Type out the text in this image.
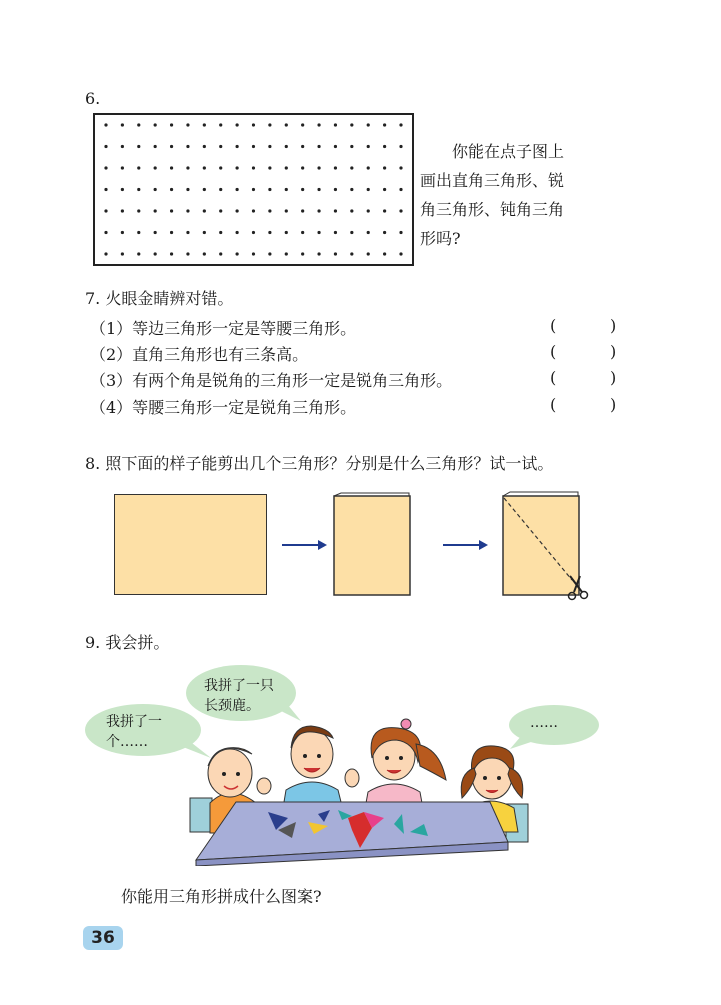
6.
　　你能在点子图上
画出直角三角形、锐
角三角形、钝角三角
形吗?
7. 火眼金睛辨对错。
（1）等边三角形一定是等腰三角形。	(	)
（2）直角三角形也有三条高。	(	)
（3）有两个角是锐角的三角形一定是锐角三角形。	(	)
（4）等腰三角形一定是锐角三角形。	(	)
8. 照下面的样子能剪出几个三角形？分别是什么三角形？试一试。
9. 我会拼。
我拼了一
个……
我拼了一只
长颈鹿。
……
你能用三角形拼成什么图案?
36
